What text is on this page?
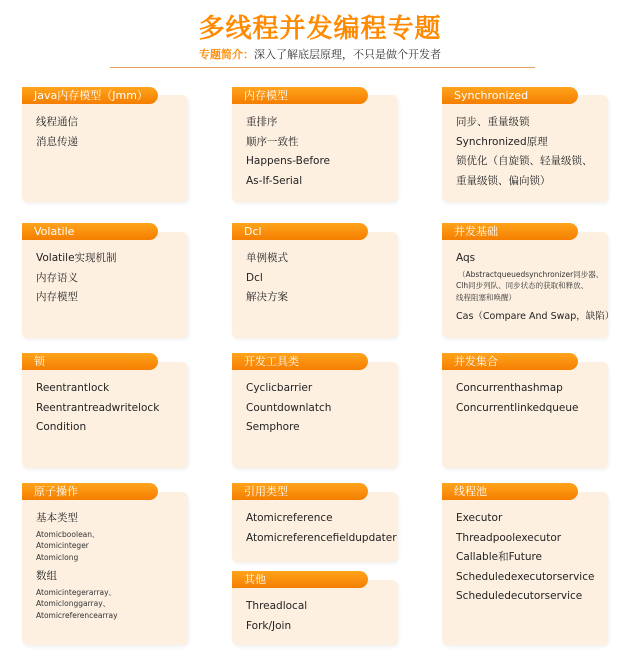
多线程并发编程专题
专题简介：深入了解底层原理，不只是做个开发者
Java内存模型（Jmm）
线程通信
消息传递
内存模型
重排序
顺序一致性
Happens-Before
As-If-Serial
Synchronized
同步、重量级锁
Synchronized原理
锁优化（自旋锁、轻量级锁、
重量级锁、偏向锁）
Volatile
Volatile实现机制
内存语义
内存模型
Dcl
单例模式
Dcl
解决方案
并发基础
Aqs
（Abstractqueuedsynchronizer同步器、
Clh同步列队、同步状态的获取和释放、
线程阻塞和唤醒）
Cas（Compare And Swap，缺陷）
锁
Reentrantlock
Reentrantreadwritelock
Condition
开发工具类
Cyclicbarrier
Countdownlatch
Semphore
并发集合
Concurrenthashmap
Concurrentlinkedqueue
原子操作
基本类型
Atomicboolean、
Atomicinteger
Atomiclong
数组
Atomicintegerarray、
Atomiclonggarray、
Atomicreferencearray
引用类型
Atomicreference
Atomicreferencefieldupdater
其他
Threadlocal
Fork/Join
线程池
Executor
Threadpoolexecutor
Callable和Future
Scheduledexecutorservice
Scheduledecutorservice
